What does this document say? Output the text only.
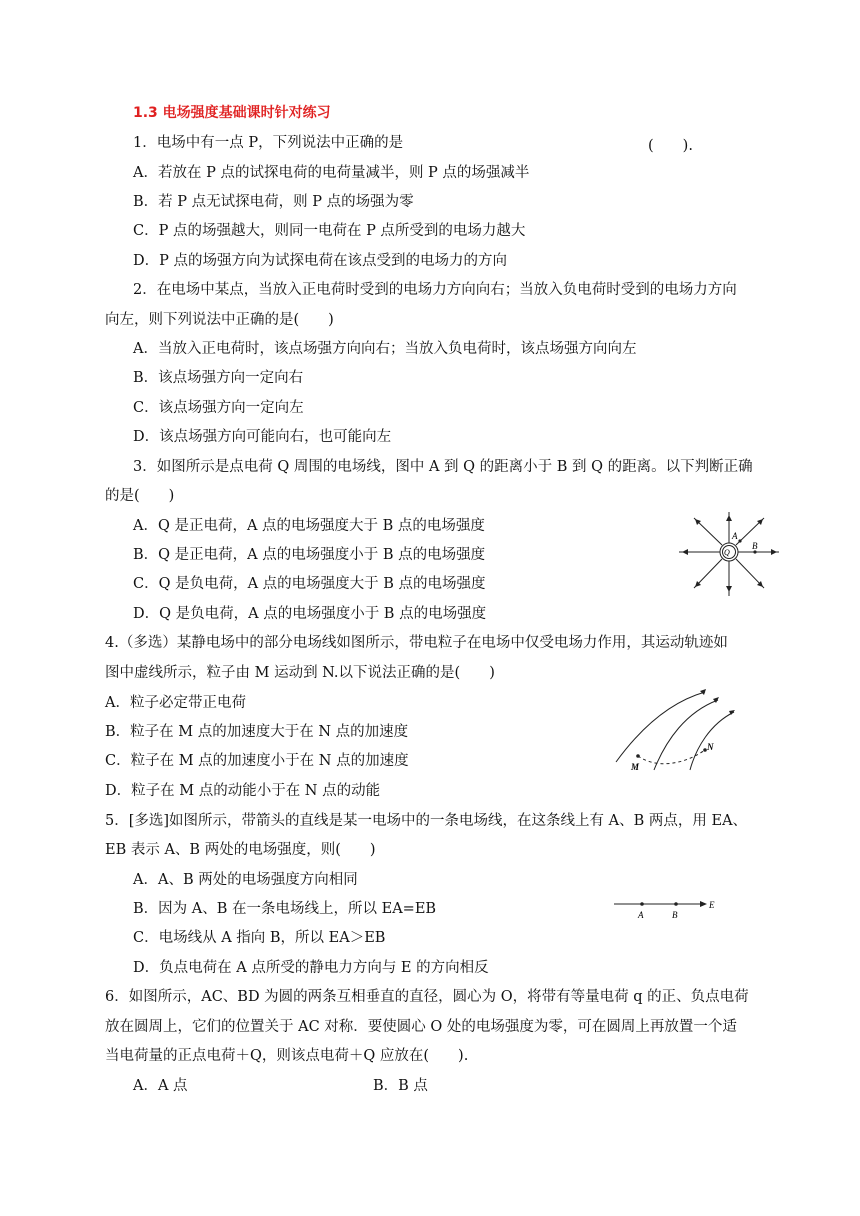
1.3 电场强度基础课时针对练习
1．电场中有一点 P，下列说法中正确的是	(　　).
A．若放在 P 点的试探电荷的电荷量减半，则 P 点的场强减半
B．若 P 点无试探电荷，则 P 点的场强为零
C．P 点的场强越大，则同一电荷在 P 点所受到的电场力越大
D．P 点的场强方向为试探电荷在该点受到的电场力的方向
2．在电场中某点，当放入正电荷时受到的电场力方向向右；当放入负电荷时受到的电场力方向
向左，则下列说法中正确的是(　　)
A．当放入正电荷时，该点场强方向向右；当放入负电荷时，该点场强方向向左
B．该点场强方向一定向右
C．该点场强方向一定向左
D．该点场强方向可能向右，也可能向左
3．如图所示是点电荷 Q 周围的电场线，图中 A 到 Q 的距离小于 B 到 Q 的距离。以下判断正确
的是(　　)
A．Q 是正电荷，A 点的电场强度大于 B 点的电场强度
B．Q 是正电荷，A 点的电场强度小于 B 点的电场强度
C．Q 是负电荷，A 点的电场强度大于 B 点的电场强度
D．Q 是负电荷，A 点的电场强度小于 B 点的电场强度
4.（多选）某静电场中的部分电场线如图所示，带电粒子在电场中仅受电场力作用，其运动轨迹如
图中虚线所示，粒子由 M 运动到 N.以下说法正确的是(　　)
A．粒子必定带正电荷
B．粒子在 M 点的加速度大于在 N 点的加速度
C．粒子在 M 点的加速度小于在 N 点的加速度
D．粒子在 M 点的动能小于在 N 点的动能
5．[多选]如图所示，带箭头的直线是某一电场中的一条电场线，在这条线上有 A、B 两点，用 EA、
EB 表示 A、B 两处的电场强度，则(　　)
A．A、B 两处的电场强度方向相同
B．因为 A、B 在一条电场线上，所以 EA=EB
C．电场线从 A 指向 B，所以 EA＞EB
D．负点电荷在 A 点所受的静电力方向与 E 的方向相反
6．如图所示，AC、BD 为圆的两条互相垂直的直径，圆心为 O，将带有等量电荷 q 的正、负点电荷
放在圆周上，它们的位置关于 AC 对称．要使圆心 O 处的电场强度为零，可在圆周上再放置一个适
当电荷量的正点电荷＋Q，则该点电荷＋Q 应放在(　　).
A．A 点	B．B 点
Q
A
B
M
N
A	B
E
